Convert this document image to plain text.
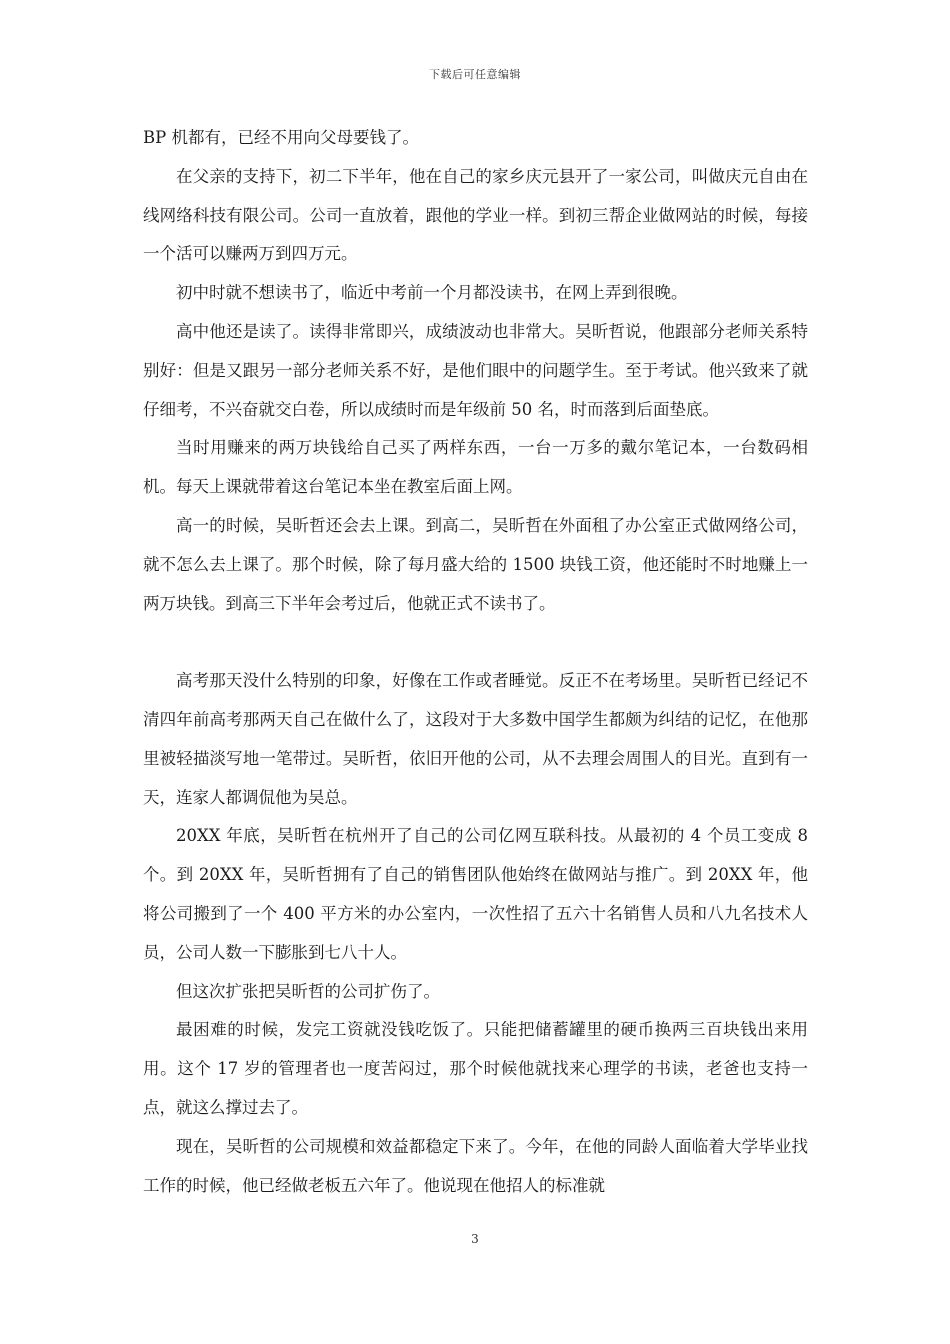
下载后可任意编辑

BP 机都有，已经不用向父母要钱了。

在父亲的支持下，初二下半年，他在自己的家乡庆元县开了一家公司，叫做庆元自由在线网络科技有限公司。公司一直放着，跟他的学业一样。到初三帮企业做网站的时候，每接一个活可以赚两万到四万元。

初中时就不想读书了，临近中考前一个月都没读书，在网上弄到很晚。

高中他还是读了。读得非常即兴，成绩波动也非常大。吴昕哲说，他跟部分老师关系特别好：但是又跟另一部分老师关系不好，是他们眼中的问题学生。至于考试。他兴致来了就仔细考，不兴奋就交白卷，所以成绩时而是年级前 50 名，时而落到后面垫底。

当时用赚来的两万块钱给自己买了两样东西，一台一万多的戴尔笔记本，一台数码相机。每天上课就带着这台笔记本坐在教室后面上网。

高一的时候，吴昕哲还会去上课。到高二，吴昕哲在外面租了办公室正式做网络公司，就不怎么去上课了。那个时候，除了每月盛大给的 1500 块钱工资，他还能时不时地赚上一两万块钱。到高三下半年会考过后，他就正式不读书了。

高考那天没什么特别的印象，好像在工作或者睡觉。反正不在考场里。吴昕哲已经记不清四年前高考那两天自己在做什么了，这段对于大多数中国学生都颇为纠结的记忆，在他那里被轻描淡写地一笔带过。吴昕哲，依旧开他的公司，从不去理会周围人的目光。直到有一天，连家人都调侃他为吴总。

20XX 年底，吴昕哲在杭州开了自己的公司亿网互联科技。从最初的 4 个员工变成 8 个。到 20XX 年，吴昕哲拥有了自己的销售团队他始终在做网站与推广。到 20XX 年，他将公司搬到了一个 400 平方米的办公室内，一次性招了五六十名销售人员和八九名技术人员，公司人数一下膨胀到七八十人。

但这次扩张把吴昕哲的公司扩伤了。

最困难的时候，发完工资就没钱吃饭了。只能把储蓄罐里的硬币换两三百块钱出来用用。这个 17 岁的管理者也一度苦闷过，那个时候他就找来心理学的书读，老爸也支持一点，就这么撑过去了。

现在，吴昕哲的公司规模和效益都稳定下来了。今年，在他的同龄人面临着大学毕业找工作的时候，他已经做老板五六年了。他说现在他招人的标准就

3
